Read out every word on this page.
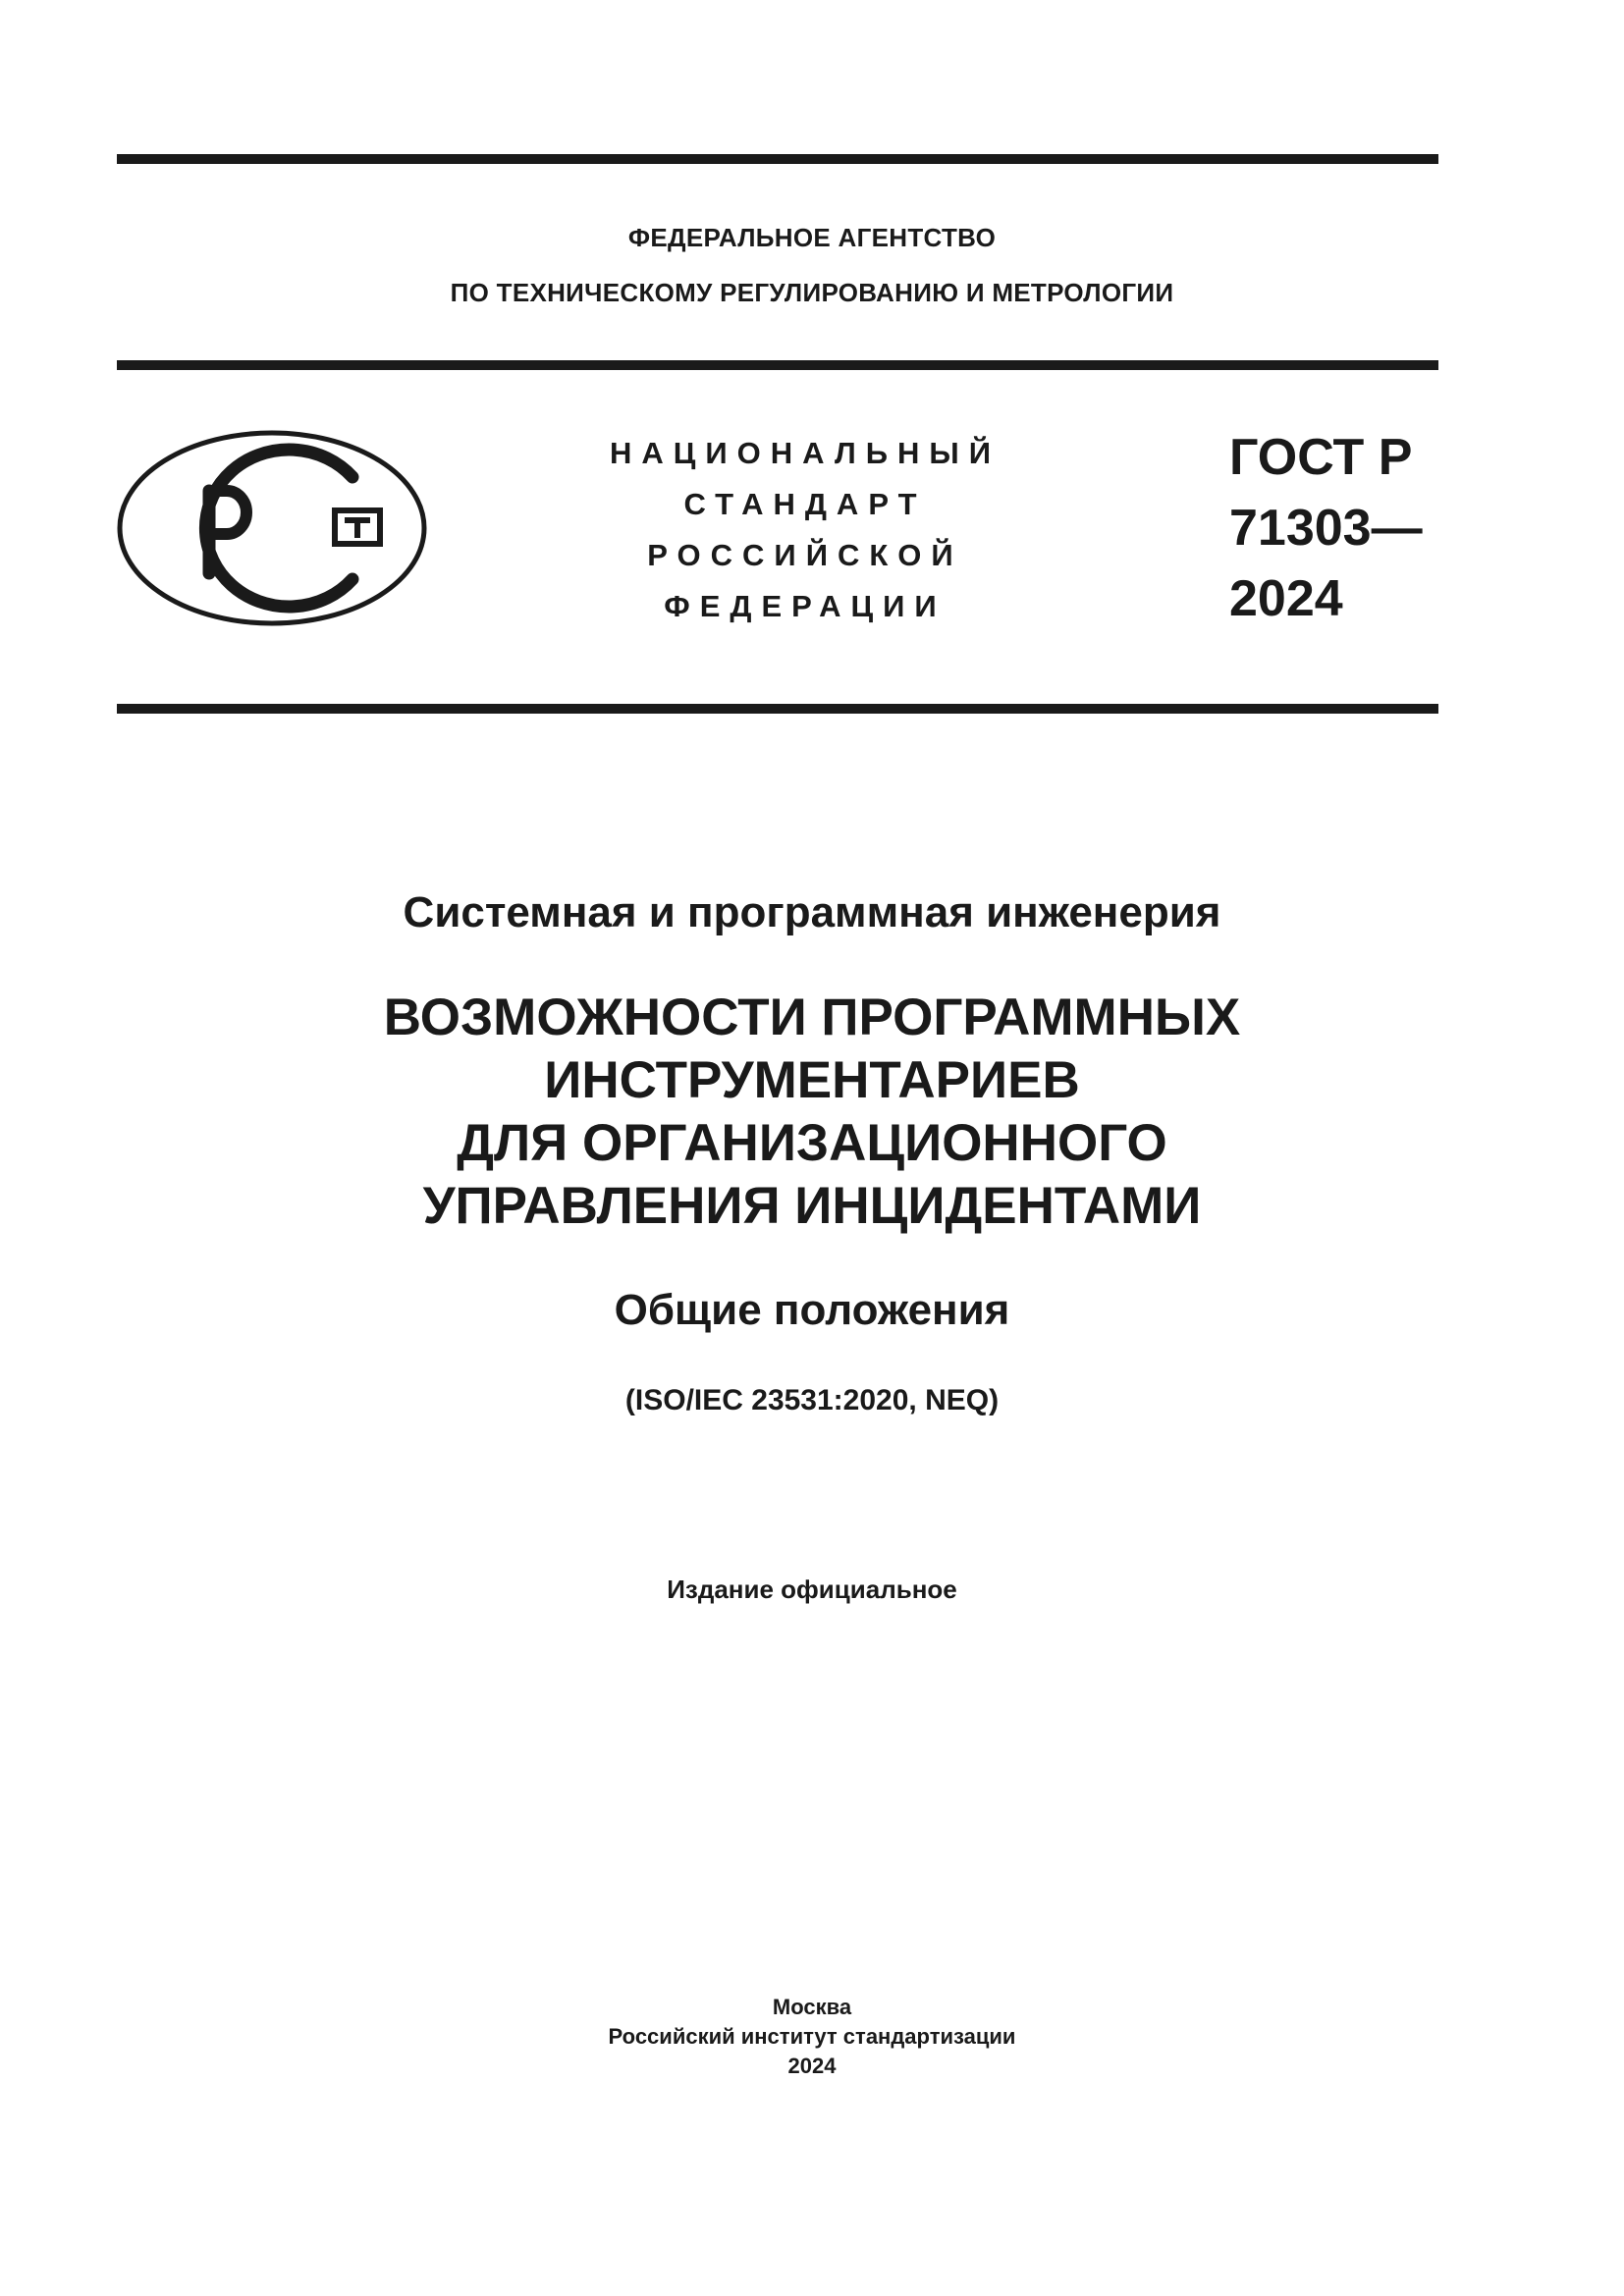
ФЕДЕРАЛЬНОЕ АГЕНТСТВО
ПО ТЕХНИЧЕСКОМУ РЕГУЛИРОВАНИЮ И МЕТРОЛОГИИ
НАЦИОНАЛЬНЫЙ
СТАНДАРТ
РОССИЙСКОЙ
ФЕДЕРАЦИИ
ГОСТ Р
71303—
2024
Системная и программная инженерия
ВОЗМОЖНОСТИ ПРОГРАММНЫХ
ИНСТРУМЕНТАРИЕВ
ДЛЯ ОРГАНИЗАЦИОННОГО
УПРАВЛЕНИЯ ИНЦИДЕНТАМИ
Общие положения
(ISO/IEC 23531:2020, NEQ)
Издание официальное
Москва
Российский институт стандартизации
2024
